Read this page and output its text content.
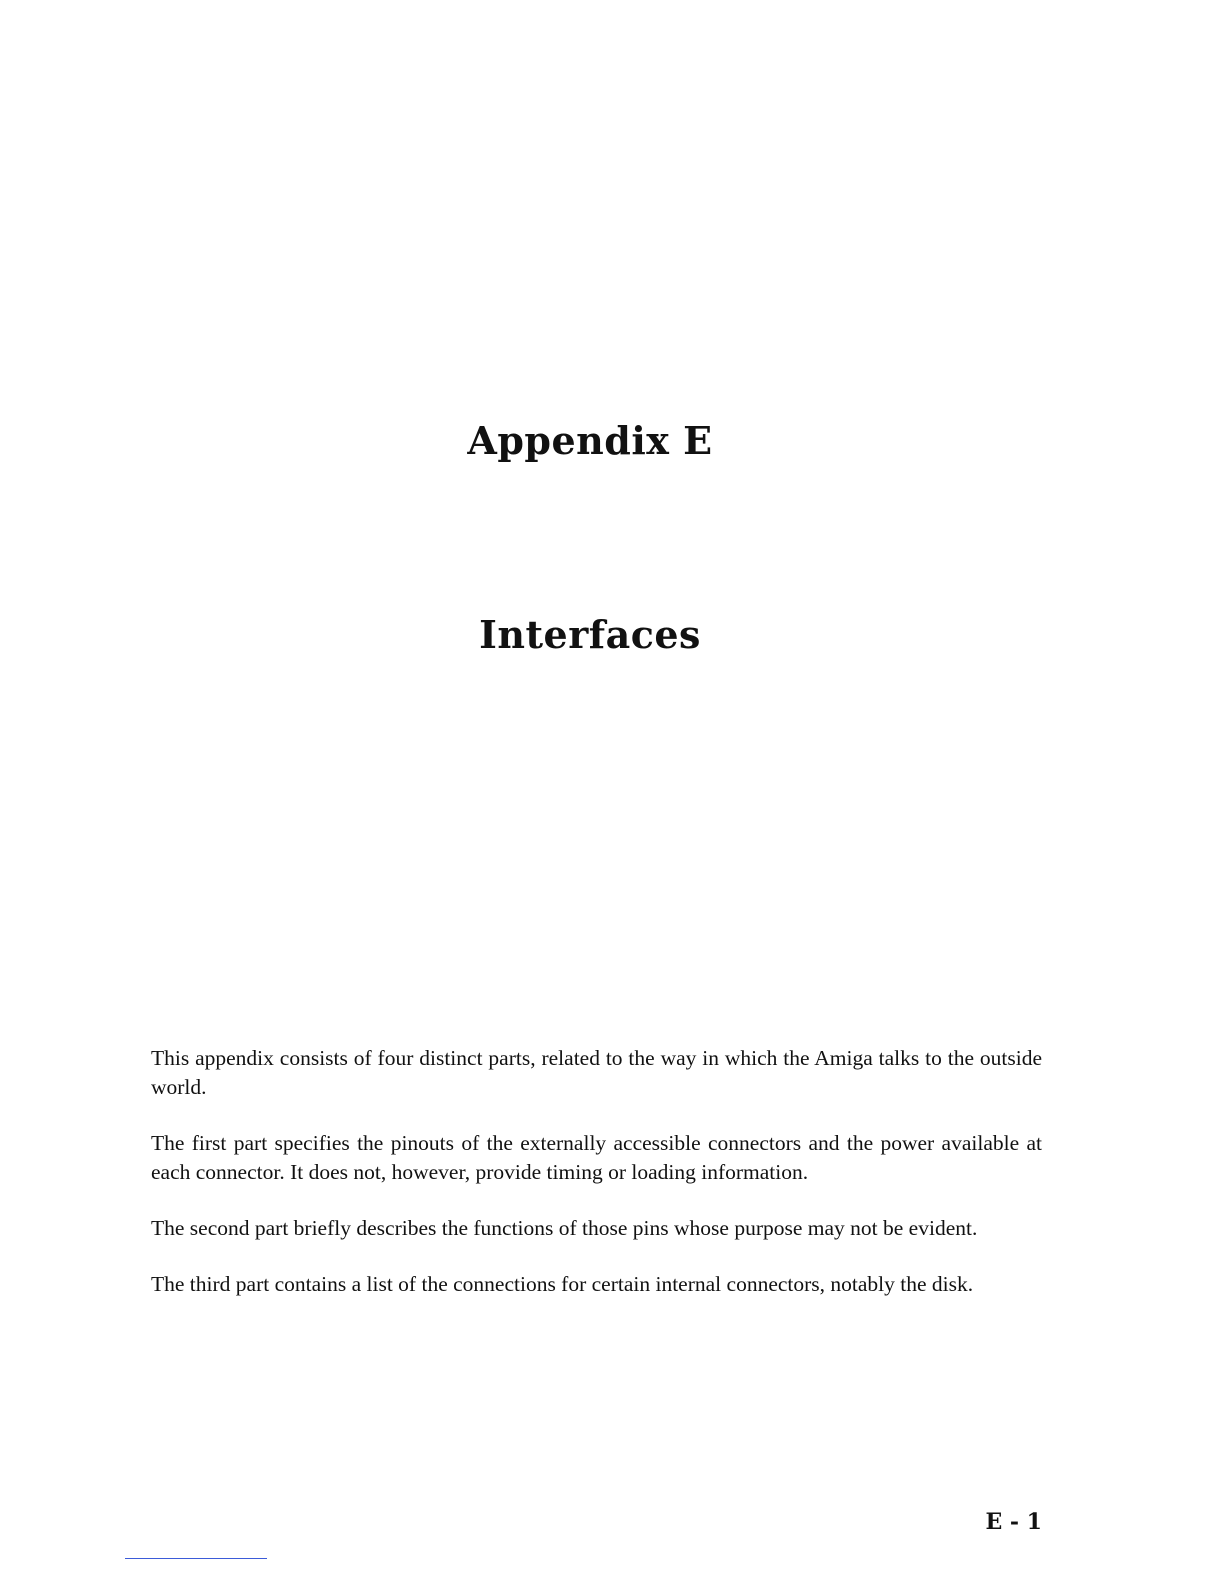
Appendix E
Interfaces

This appendix consists of four distinct parts, related to the way in which the Amiga talks to the outside world.

The first part specifies the pinouts of the externally accessible connectors and the power available at each connector. It does not, however, provide timing or loading information.

The second part briefly describes the functions of those pins whose purpose may not be evident.

The third part contains a list of the connections for certain internal connectors, notably the disk.

E - 1
